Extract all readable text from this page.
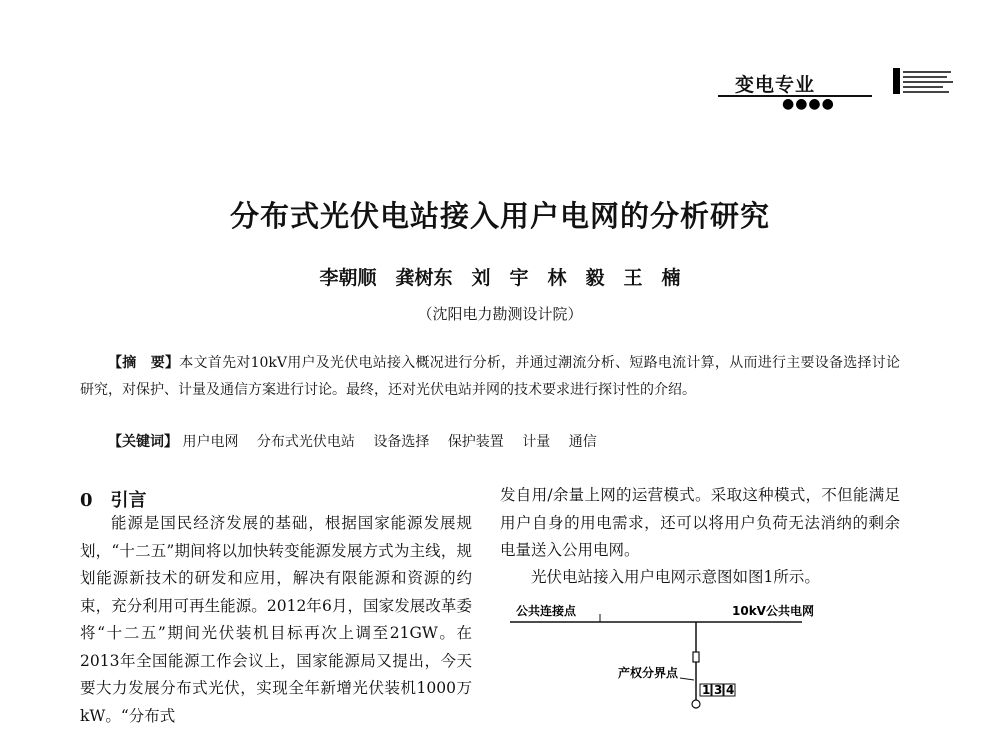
变电专业
●●●●
分布式光伏电站接入用户电网的分析研究
李朝顺　龚树东　刘　宇　林　毅　王　楠
（沈阳电力勘测设计院）
【摘　要】本文首先对10kV用户及光伏电站接入概况进行分析，并通过潮流分析、短路电流计算，从而进行主要设备选择讨论研究，对保护、计量及通信方案进行讨论。最终，还对光伏电站并网的技术要求进行探讨性的介绍。
【关键词】 用户电网 分布式光伏电站 设备选择 保护装置 计量 通信
0 引言
能源是国民经济发展的基础，根据国家能源发展规划，“十二五”期间将以加快转变能源发展方式为主线，规划能源新技术的研发和应用，解决有限能源和资源的约束，充分利用可再生能源。2012年6月，国家发展改革委将“十二五”期间光伏装机目标再次上调至21GW。在2013年全国能源工作会议上，国家能源局又提出，今天要大力发展分布式光伏，实现全年新增光伏装机1000万kW。“分布式
发自用/余量上网的运营模式。采取这种模式，不但能满足用户自身的用电需求，还可以将用户负荷无法消纳的剩余电量送入公用电网。
光伏电站接入用户电网示意图如图1所示。
公共连接点	10kV公共电网
产权分界点
1 3 4
